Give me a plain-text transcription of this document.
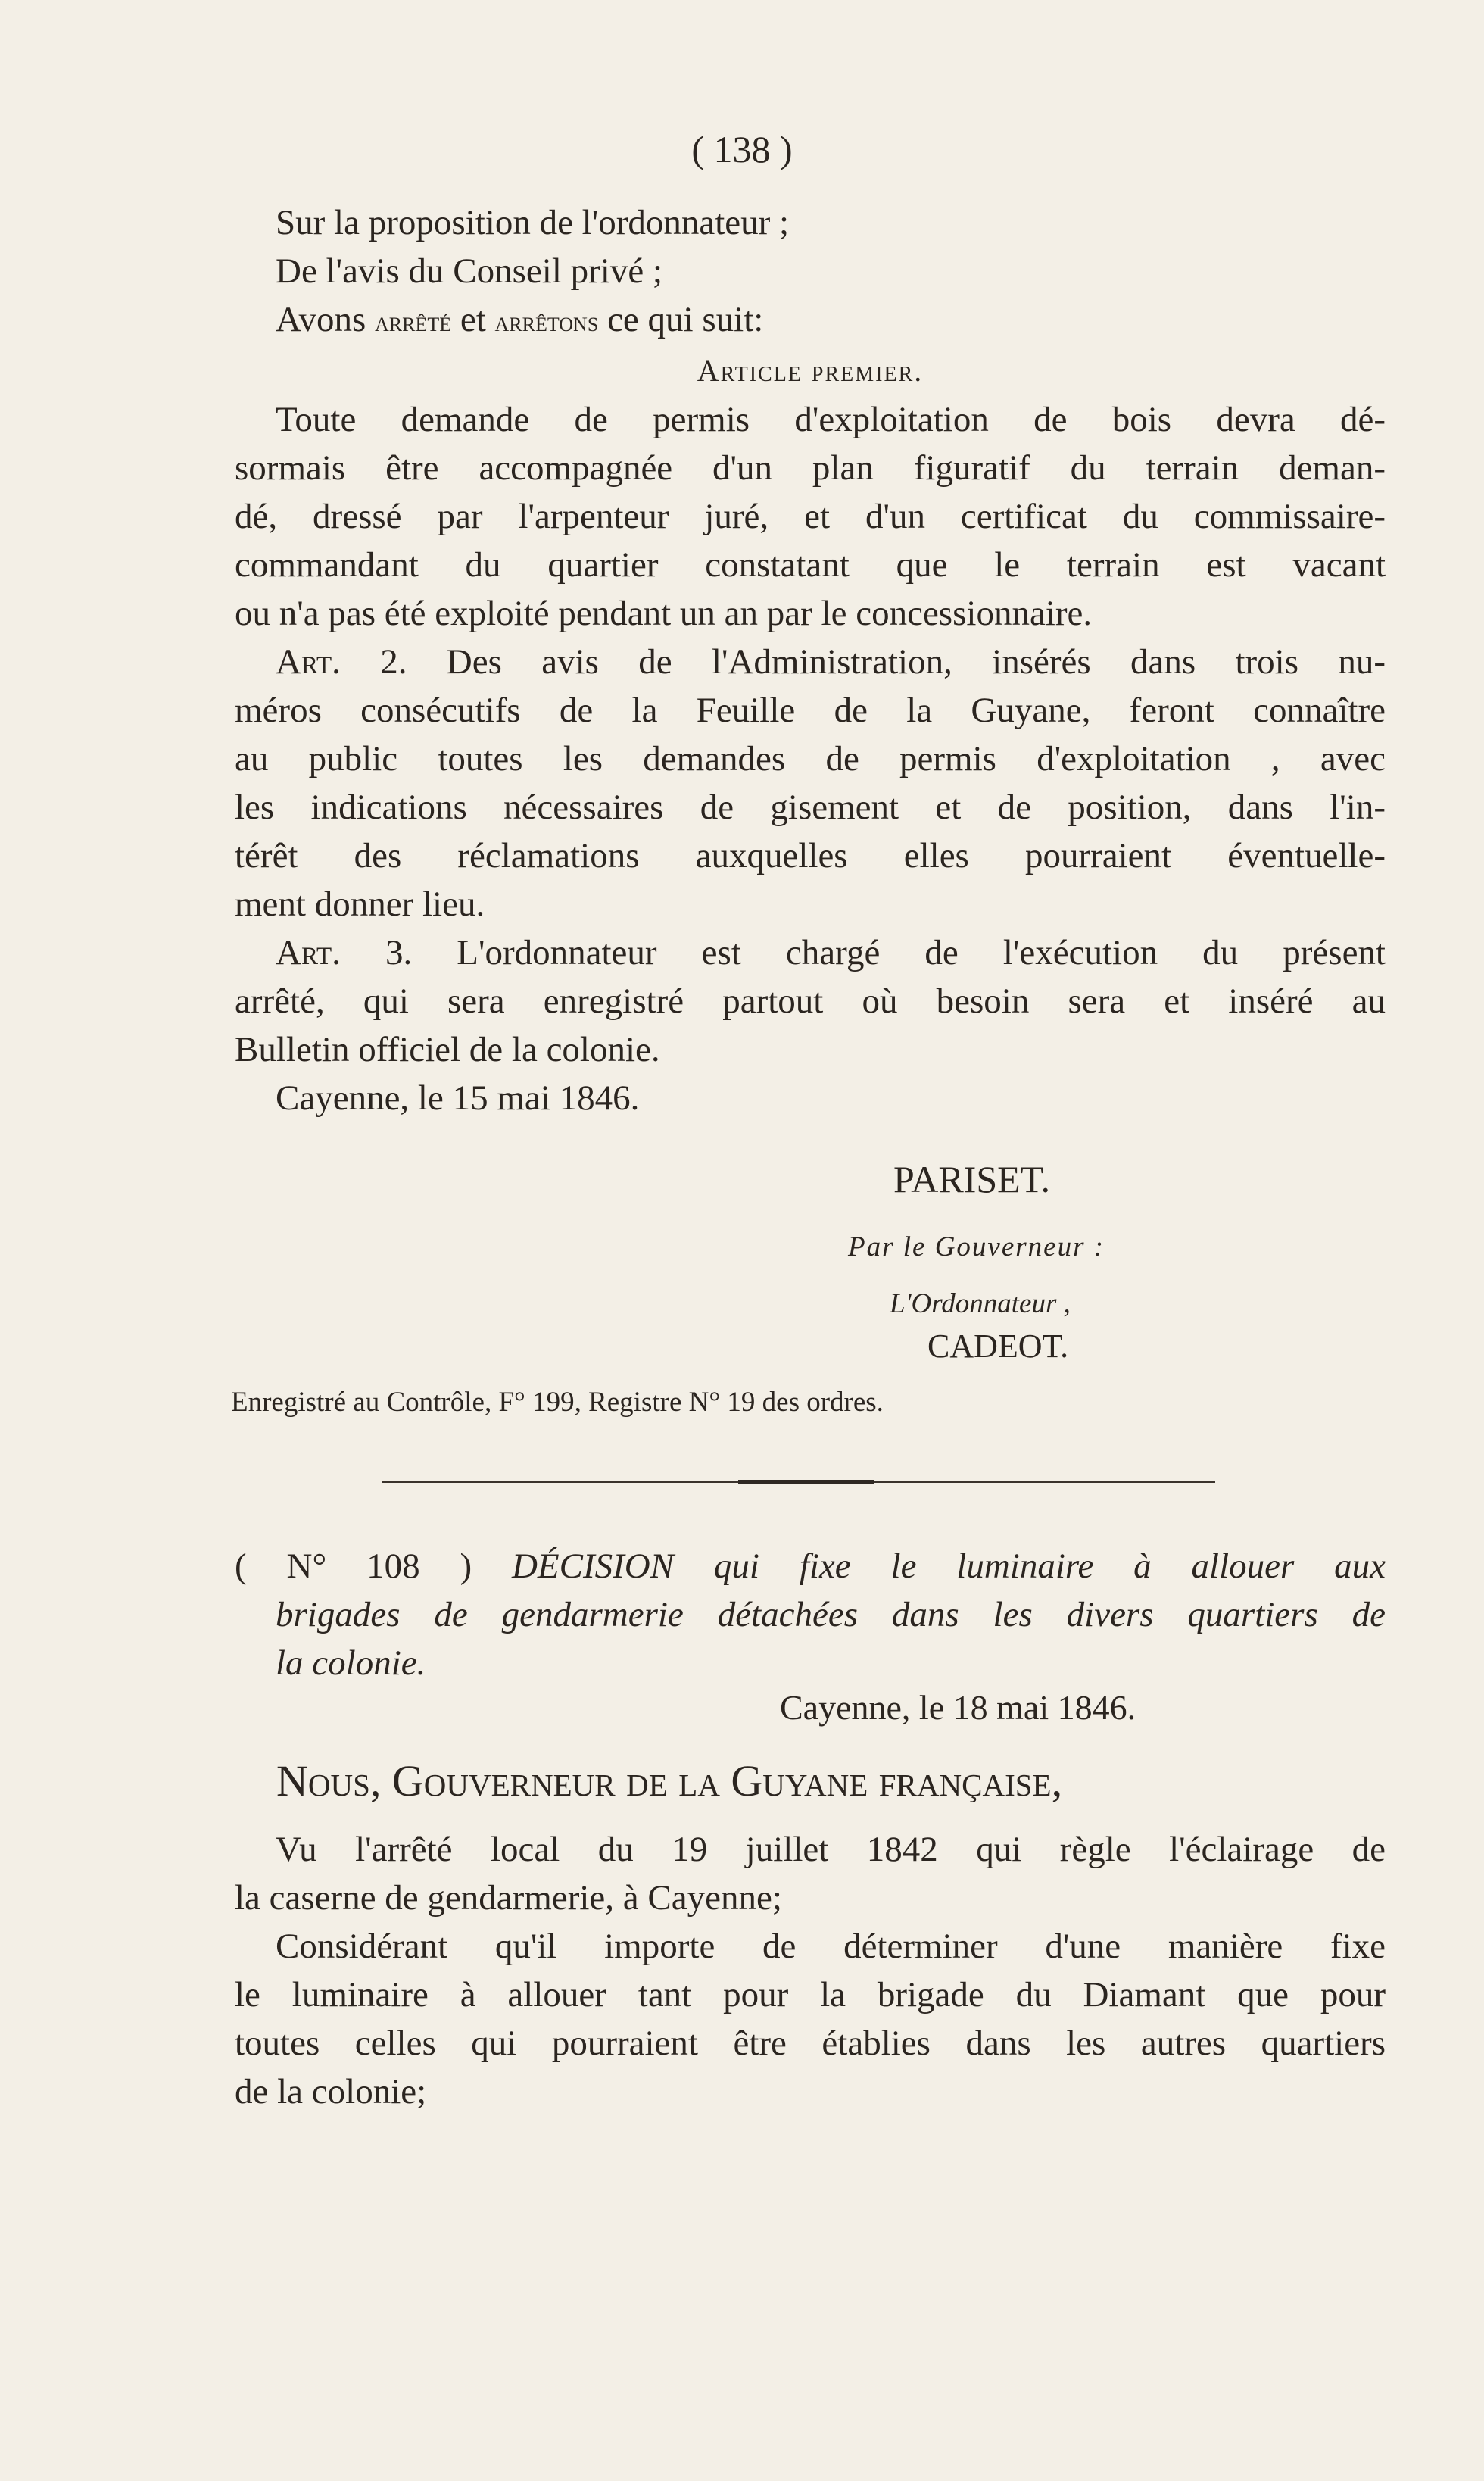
( 138 )
Sur la proposition de l'ordonnateur ;
De l'avis du Conseil privé ;
Avons arrêté et arrêtons ce qui suit:
Article premier.
Toute demande de permis d'exploitation de bois devra dé-
sormais être accompagnée d'un plan figuratif du terrain deman-
dé, dressé par l'arpenteur juré, et d'un certificat du commissaire-
commandant du quartier constatant que le terrain est vacant
ou n'a pas été exploité pendant un an par le concessionnaire.
Art. 2. Des avis de l'Administration, insérés dans trois nu-
méros consécutifs de la Feuille de la Guyane, feront connaître
au public toutes les demandes de permis d'exploitation , avec
les indications nécessaires de gisement et de position, dans l'in-
térêt des réclamations auxquelles elles pourraient éventuelle-
ment donner lieu.
Art. 3. L'ordonnateur est chargé de l'exécution du présent
arrêté, qui sera enregistré partout où besoin sera et inséré au
Bulletin officiel de la colonie.
Cayenne, le 15 mai 1846.
PARISET.
Par le Gouverneur :
L'Ordonnateur ,
CADEOT.
Enregistré au Contrôle, F° 199, Registre N° 19 des ordres.
( N° 108 ) DÉCISION qui fixe le luminaire à allouer aux
brigades de gendarmerie détachées dans les divers quartiers de
la colonie.
Cayenne, le 18 mai 1846.
Nous, Gouverneur de la Guyane française,
Vu l'arrêté local du 19 juillet 1842 qui règle l'éclairage de
la caserne de gendarmerie, à Cayenne;
Considérant qu'il importe de déterminer d'une manière fixe
le luminaire à allouer tant pour la brigade du Diamant que pour
toutes celles qui pourraient être établies dans les autres quartiers
de la colonie;
